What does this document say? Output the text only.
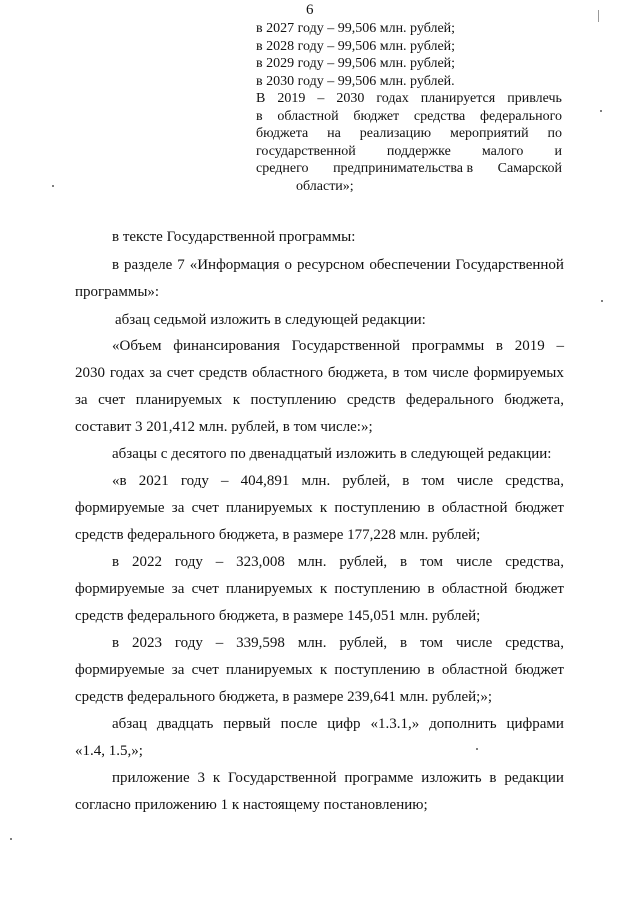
6
в 2027 году – 99,506 млн. рублей;
в 2028 году – 99,506 млн. рублей;
в 2029 году – 99,506 млн. рублей;
в 2030 году – 99,506 млн. рублей.
В 2019 – 2030 годах планируется привлечь
в областной бюджет средства федерального
бюджета на реализацию мероприятий по
государственной поддержке малого и
среднего предпринимательства в Самарской
области»;
в тексте Государственной программы:
в разделе 7 «Информация о ресурсном обеспечении Государственной
программы»:
абзац седьмой изложить в следующей редакции:
«Объем финансирования Государственной программы в 2019 –
2030 годах за счет средств областного бюджета, в том числе формируемых
за счет планируемых к поступлению средств федерального бюджета,
составит 3 201,412 млн. рублей, в том числе:»;
абзацы с десятого по двенадцатый изложить в следующей редакции:
«в 2021 году – 404,891 млн. рублей, в том числе средства,
формируемые за счет планируемых к поступлению в областной бюджет
средств федерального бюджета, в размере 177,228 млн. рублей;
в 2022 году – 323,008 млн. рублей, в том числе средства,
формируемые за счет планируемых к поступлению в областной бюджет
средств федерального бюджета, в размере 145,051 млн. рублей;
в 2023 году – 339,598 млн. рублей, в том числе средства,
формируемые за счет планируемых к поступлению в областной бюджет
средств федерального бюджета, в размере 239,641 млн. рублей;»;
абзац двадцать первый после цифр «1.3.1,» дополнить цифрами
«1.4, 1.5,»;
приложение 3 к Государственной программе изложить в редакции
согласно приложению 1 к настоящему постановлению;
